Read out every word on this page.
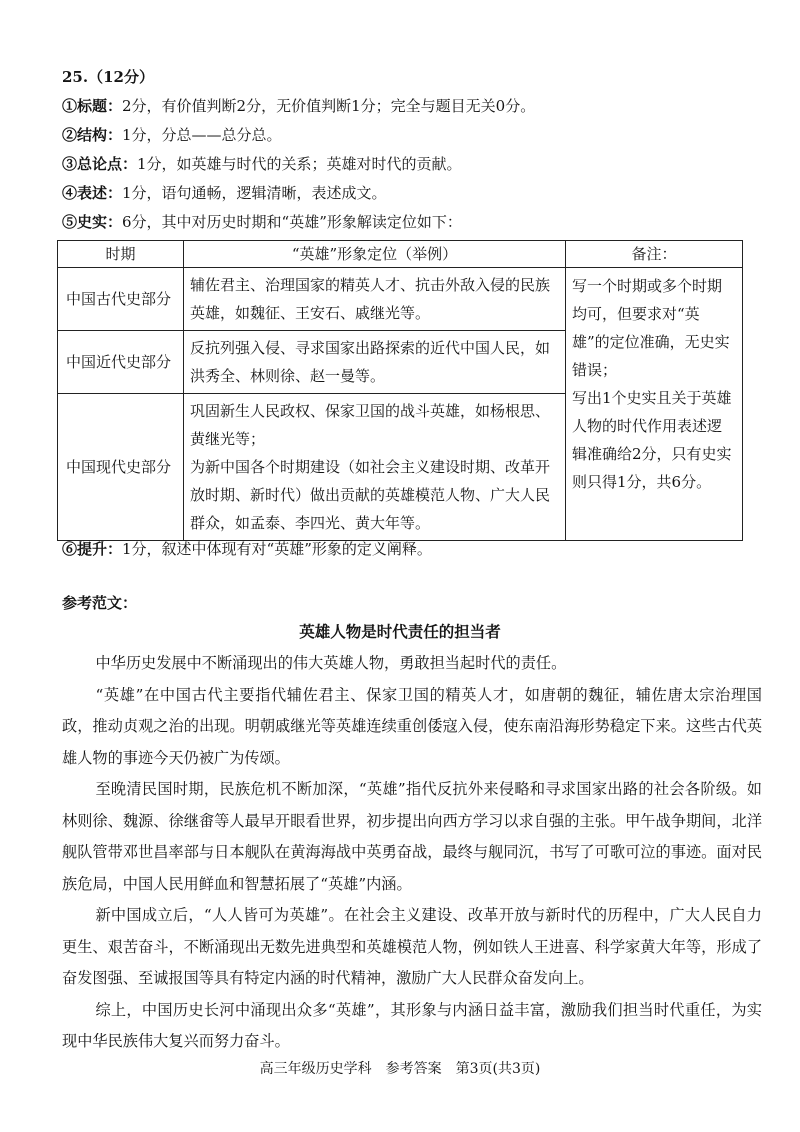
25.（12分）
①标题：2分，有价值判断2分，无价值判断1分；完全与题目无关0分。
②结构：1分，分总——总分总。
③总论点：1分，如英雄与时代的关系；英雄对时代的贡献。
④表述：1分，语句通畅，逻辑清晰，表述成文。
⑤史实：6分，其中对历史时期和“英雄”形象解读定位如下：
时期	“英雄”形象定位（举例）	备注：
中国古代史部分	辅佐君主、治理国家的精英人才、抗击外敌入侵的民族英雄，如魏征、王安石、戚继光等。	写一个时期或多个时期均可，但要求对“英雄”的定位准确，无史实错误；
写出1个史实且关于英雄人物的时代作用表述逻辑准确给2分，只有史实则只得1分，共6分。

中国近代史部分	反抗列强入侵、寻求国家出路探索的近代中国人民，如洪秀全、林则徐、赵一曼等。	
中国现代史部分	巩固新生人民政权、保家卫国的战斗英雄，如杨根思、黄继光等；
为新中国各个时期建设（如社会主义建设时期、改革开放时期、新时代）做出贡献的英雄模范人物、广大人民群众，如孟泰、李四光、黄大年等。	
⑥提升：1分，叙述中体现有对“英雄”形象的定义阐释。
参考范文：
英雄人物是时代责任的担当者

中华历史发展中不断涌现出的伟大英雄人物，勇敢担当起时代的责任。

“英雄”在中国古代主要指代辅佐君主、保家卫国的精英人才，如唐朝的魏征，辅佐唐太宗治理国政，推动贞观之治的出现。明朝戚继光等英雄连续重创倭寇入侵，使东南沿海形势稳定下来。这些古代英雄人物的事迹今天仍被广为传颂。

至晚清民国时期，民族危机不断加深，“英雄”指代反抗外来侵略和寻求国家出路的社会各阶级。如林则徐、魏源、徐继畬等人最早开眼看世界，初步提出向西方学习以求自强的主张。甲午战争期间，北洋舰队管带邓世昌率部与日本舰队在黄海海战中英勇奋战，最终与舰同沉，书写了可歌可泣的事迹。面对民族危局，中国人民用鲜血和智慧拓展了“英雄”内涵。

新中国成立后，“人人皆可为英雄”。在社会主义建设、改革开放与新时代的历程中，广大人民自力更生、艰苦奋斗，不断涌现出无数先进典型和英雄模范人物，例如铁人王进喜、科学家黄大年等，形成了奋发图强、至诚报国等具有特定内涵的时代精神，激励广大人民群众奋发向上。

综上，中国历史长河中涌现出众多“英雄”，其形象与内涵日益丰富，激励我们担当时代重任，为实现中华民族伟大复兴而努力奋斗。

高三年级历史学科　参考答案　第3页(共3页)
